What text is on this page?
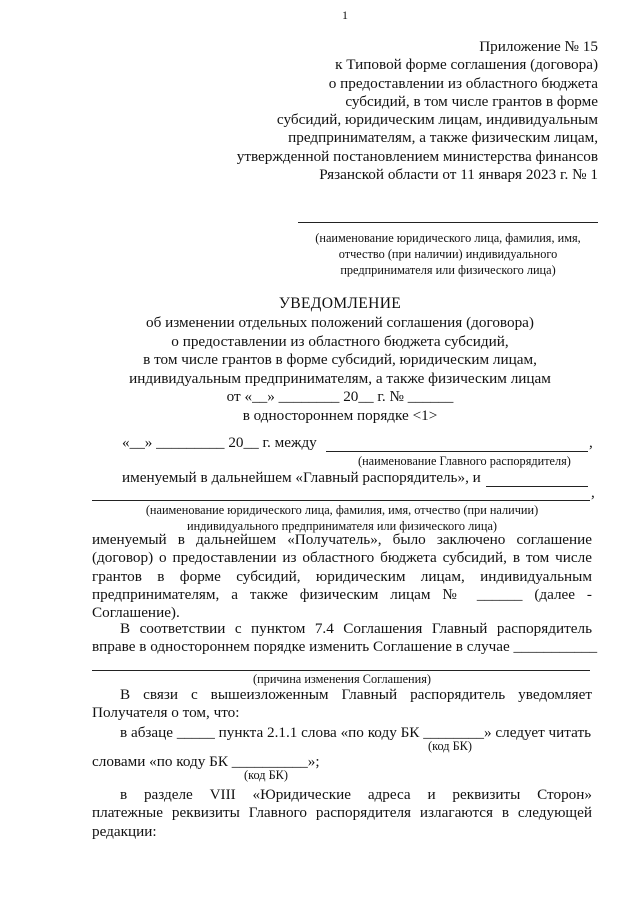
1
Приложение № 15
к Типовой форме соглашения (договора)
о предоставлении из областного бюджета
субсидий, в том числе грантов в форме
субсидий, юридическим лицам, индивидуальным
предпринимателям, а также физическим лицам,
утвержденной постановлением министерства финансов
Рязанской области от 11 января 2023 г. № 1
(наименование юридического лица, фамилия, имя,
отчество (при наличии) индивидуального
предпринимателя или физического лица)
УВЕДОМЛЕНИЕ
об изменении отдельных положений соглашения (договора)
о предоставлении из областного бюджета субсидий,
в том числе грантов в форме субсидий, юридическим лицам,
индивидуальным предпринимателям, а также физическим лицам
от «__» ________ 20__ г. № ______
в одностороннем порядке <1>
«__» _________ 20__ г. между	,
(наименование Главного распорядителя)
именуемый в дальнейшем «Главный распорядитель», и
,
(наименование юридического лица, фамилия, имя, отчество (при наличии)
индивидуального предпринимателя или физического лица)
именуемый в дальнейшем «Получатель», было заключено соглашение
(договор) о предоставлении из областного бюджета субсидий, в том числе
грантов в форме субсидий, юридическим лицам, индивидуальным
предпринимателям, а также физическим лицам № ______ (далее -
Соглашение).
В соответствии с пунктом 7.4 Соглашения Главный распорядитель
вправе в одностороннем порядке изменить Соглашение в случае ___________
(причина изменения Соглашения)
В связи с вышеизложенным Главный распорядитель уведомляет
Получателя о том, что:
в абзаце _____ пункта 2.1.1 слова «по коду БК ________» следует читать
(код БК)
словами «по коду БК __________»;
(код БК)
в разделе VIII «Юридические адреса и реквизиты Сторон»
платежные реквизиты Главного распорядителя излагаются в следующей
редакции:
